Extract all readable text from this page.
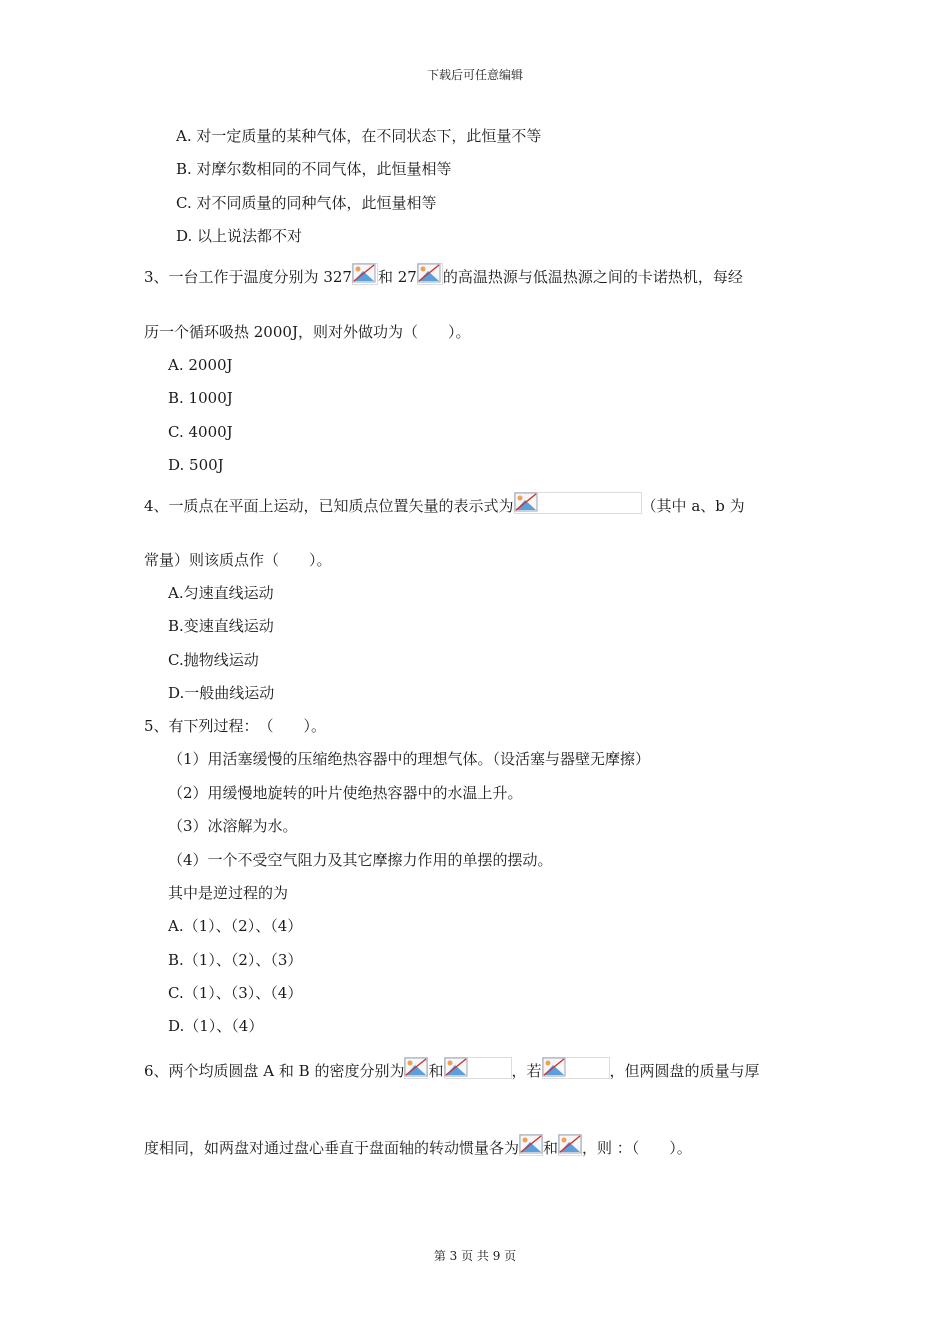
下载后可任意编辑
A. 对一定质量的某种气体，在不同状态下，此恒量不等
B. 对摩尔数相同的不同气体，此恒量相等
C. 对不同质量的同种气体，此恒量相等
D. 以上说法都不对
3、一台工作于温度分别为 327 和 27 的高温热源与低温热源之间的卡诺热机，每经
历一个循环吸热 2000J，则对外做功为（　　）。
A. 2000J
B. 1000J
C. 4000J
D. 500J
4、一质点在平面上运动，已知质点位置矢量的表示式为	（其中 a、b 为
常量）则该质点作（　　）。
A.匀速直线运动
B.变速直线运动
C.抛物线运动
D.一般曲线运动
5、有下列过程：　（　　）。
（1）用活塞缓慢的压缩绝热容器中的理想气体。（设活塞与器壁无摩擦）
（2）用缓慢地旋转的叶片使绝热容器中的水温上升。
（3）冰溶解为水。
（4）一个不受空气阻力及其它摩擦力作用的单摆的摆动。
其中是逆过程的为
A.（1）、（2）、（4）
B.（1）、（2）、（3）
C.（1）、（3）、（4）
D.（1）、（4）
6、两个均质圆盘 A 和 B 的密度分别为 和	，若	，但两圆盘的质量与厚
度相同，如两盘对通过盘心垂直于盘面轴的转动惯量各为 和 ，则 ：（　　）。
第 3 页 共 9 页
